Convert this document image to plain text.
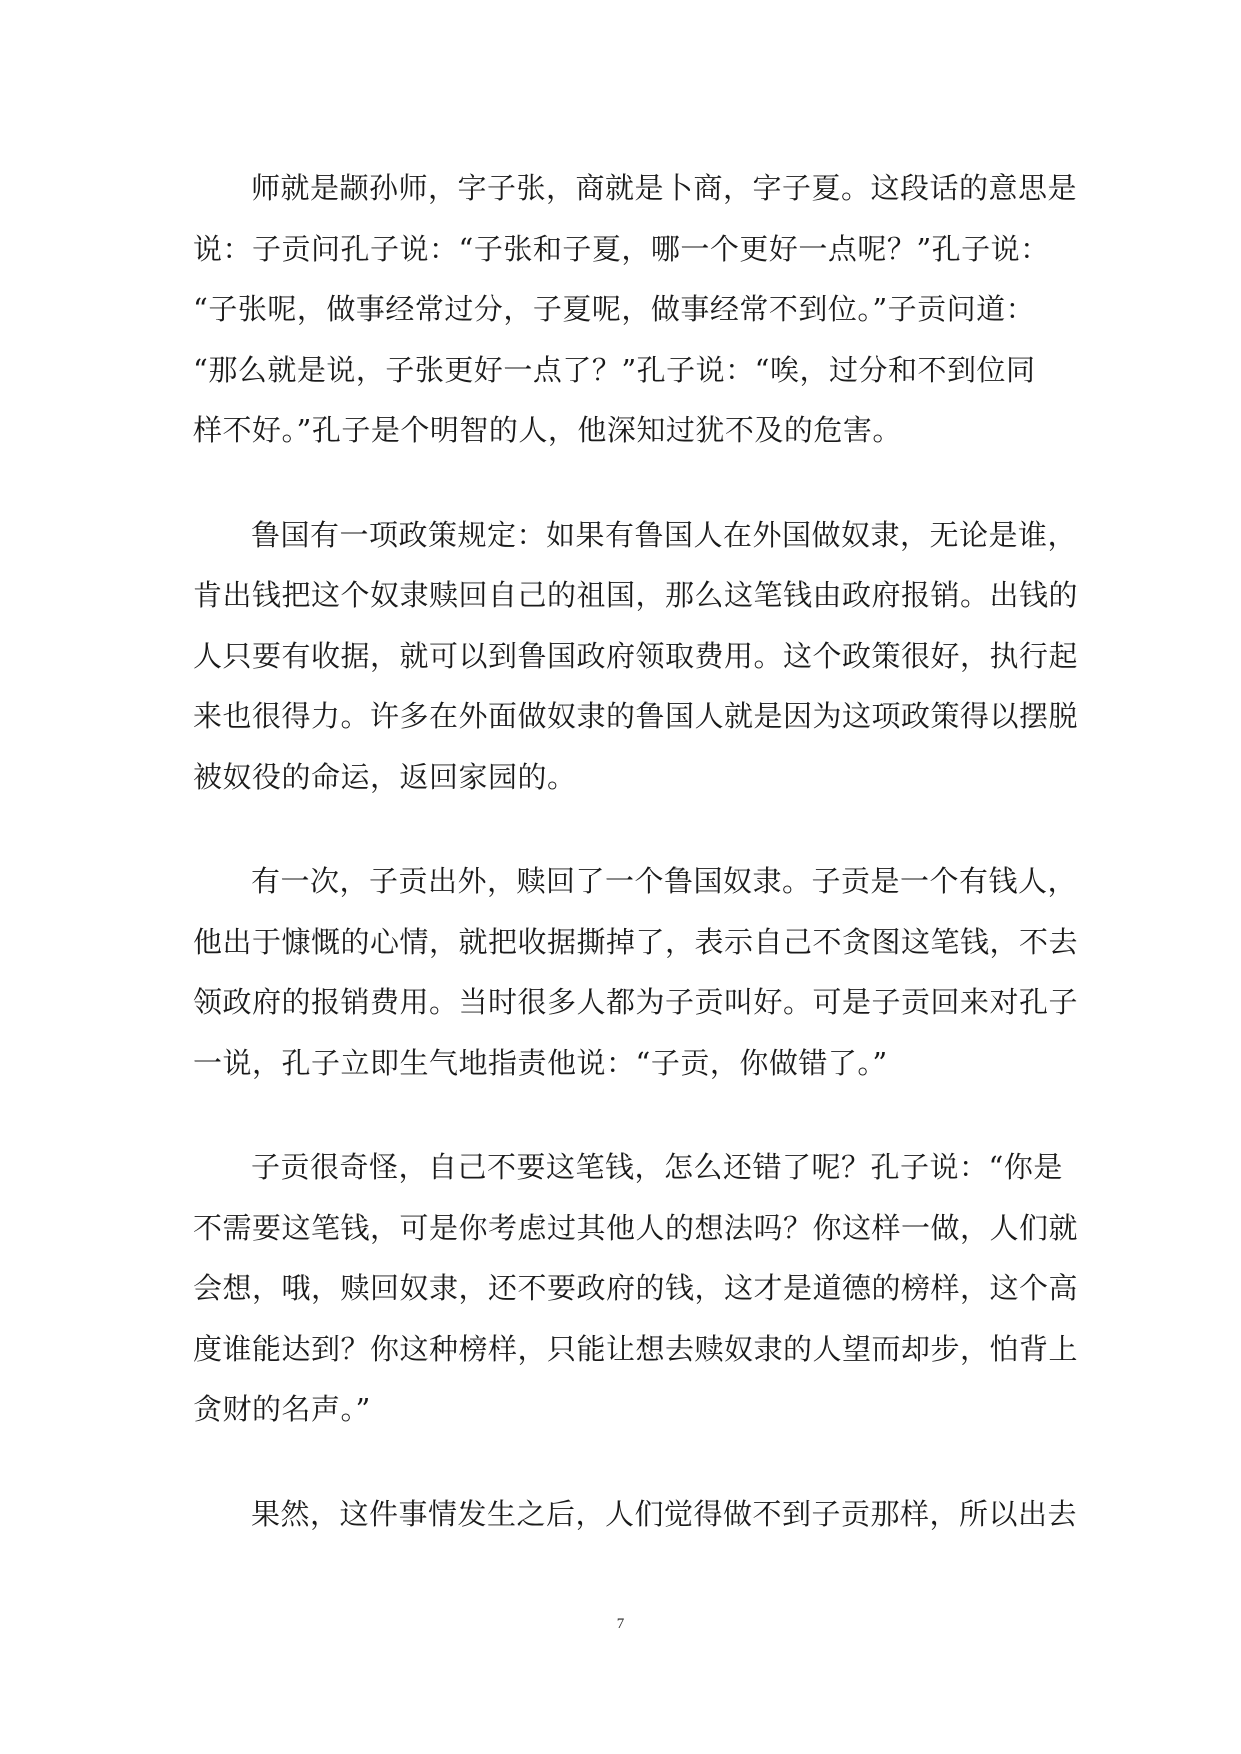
师就是颛孙师，字子张，商就是卜商，字子夏。这段话的意思是
说：子贡问孔子说：“子张和子夏，哪一个更好一点呢？”孔子说：
“子张呢，做事经常过分，子夏呢，做事经常不到位。”子贡问道：
“那么就是说，子张更好一点了？”孔子说：“唉，过分和不到位同
样不好。”孔子是个明智的人，他深知过犹不及的危害。

鲁国有一项政策规定：如果有鲁国人在外国做奴隶，无论是谁，
肯出钱把这个奴隶赎回自己的祖国，那么这笔钱由政府报销。出钱的
人只要有收据，就可以到鲁国政府领取费用。这个政策很好，执行起
来也很得力。许多在外面做奴隶的鲁国人就是因为这项政策得以摆脱
被奴役的命运，返回家园的。

有一次，子贡出外，赎回了一个鲁国奴隶。子贡是一个有钱人，
他出于慷慨的心情，就把收据撕掉了，表示自己不贪图这笔钱，不去
领政府的报销费用。当时很多人都为子贡叫好。可是子贡回来对孔子
一说，孔子立即生气地指责他说：“子贡，你做错了。”

子贡很奇怪，自己不要这笔钱，怎么还错了呢？孔子说：“你是
不需要这笔钱，可是你考虑过其他人的想法吗？你这样一做，人们就
会想，哦，赎回奴隶，还不要政府的钱，这才是道德的榜样，这个高
度谁能达到？你这种榜样，只能让想去赎奴隶的人望而却步，怕背上
贪财的名声。”

果然，这件事情发生之后，人们觉得做不到子贡那样，所以出去

7
